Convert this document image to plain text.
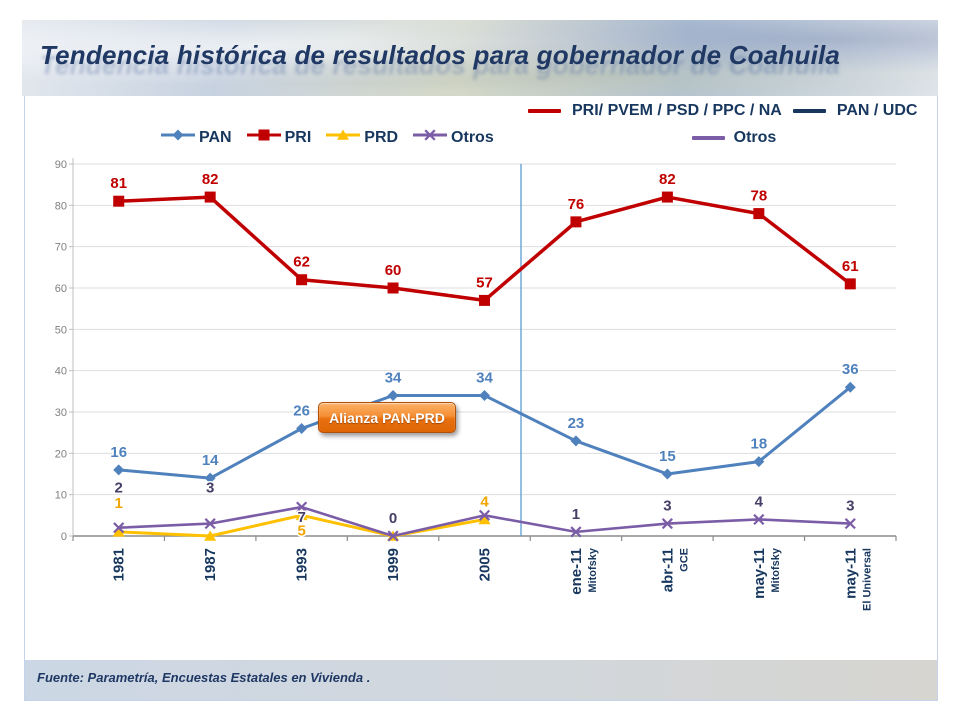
Tendencia histórica de resultados para gobernador de Coahuila
PAN	PRI	PRD	Otros
PRI/ PVEM / PSD / PPC / NA	PAN / UDC
Otros
0
10
20
30
40
50
60
70
80
90
1981	1987	1993	1999	2005	ene-11 Mitofsky	abr-11 GCE	may-11 Mitofsky	may-11 El Universal
1
5
4
2	3
7	0	1	3	4	3
16	14
26
34	34
23
15
18
36
81	82
62	60
57
76
82
78
61
Alianza PAN-PRD
Fuente: Parametría, Encuestas Estatales en Vivienda .
